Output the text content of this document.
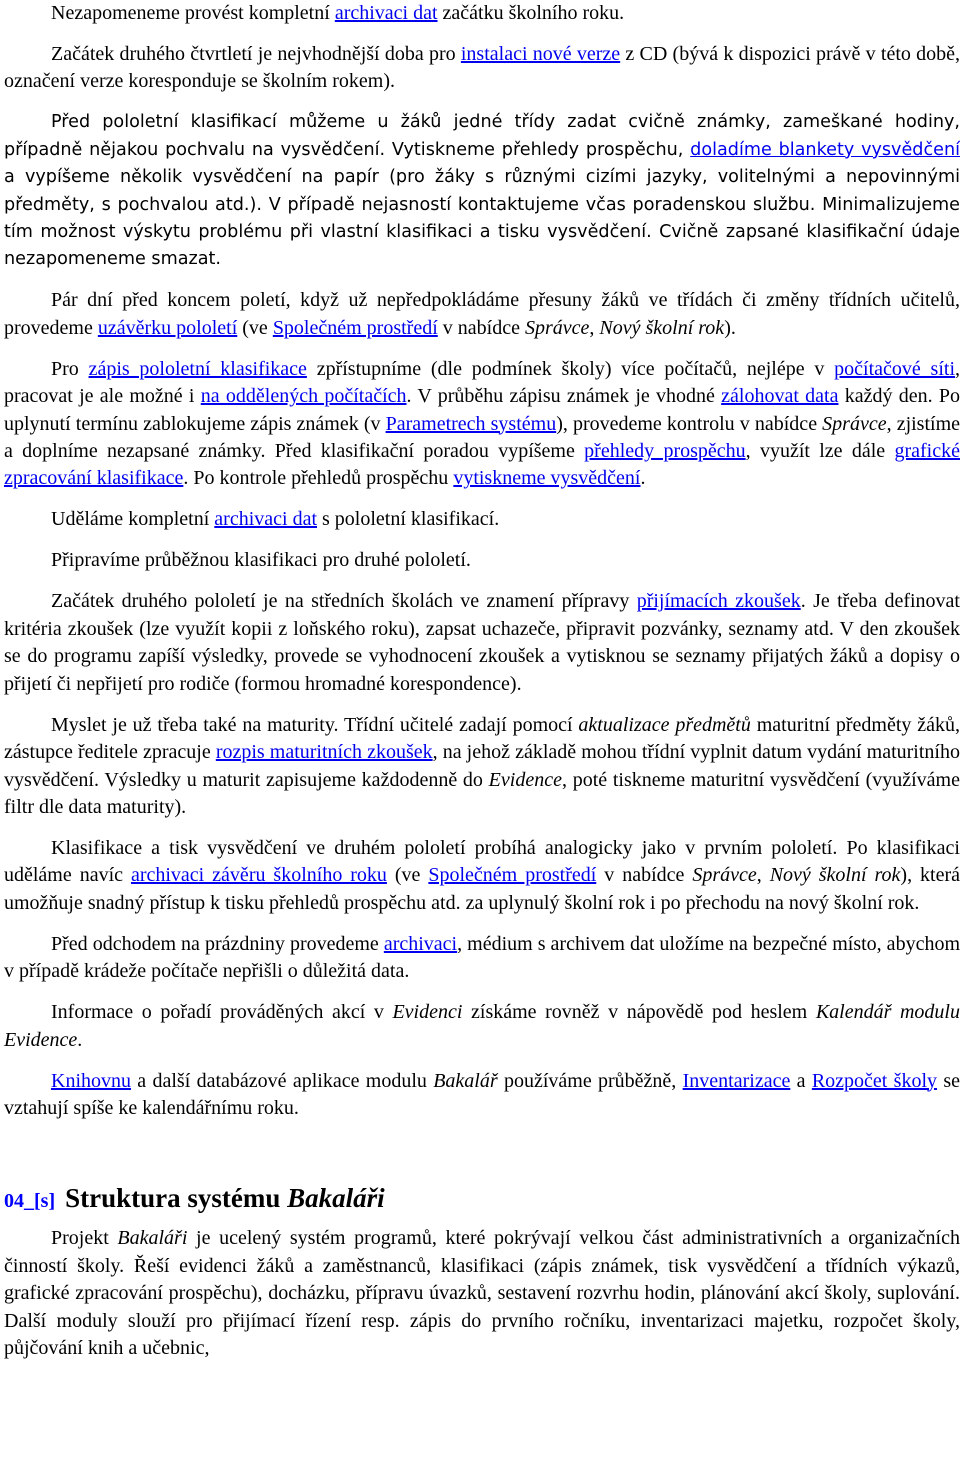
Nezapomeneme provést kompletní archivaci dat začátku školního roku.

Začátek druhého čtvrtletí je nejvhodnější doba pro instalaci nové verze z CD (bývá k dispozici právě v této době, označení verze koresponduje se školním rokem).

Před pololetní klasifikací můžeme u žáků jedné třídy zadat cvičně známky, zameškané hodiny, případně nějakou pochvalu na vysvědčení. Vytiskneme přehledy prospěchu, doladíme blankety vysvědčení a vypíšeme několik vysvědčení na papír (pro žáky s různými cizími jazyky, volitelnými a nepovinnými předměty, s pochvalou atd.). V případě nejasností kontaktujeme včas poradenskou službu. Minimalizujeme tím možnost výskytu problému při vlastní klasifikaci a tisku vysvědčení. Cvičně zapsané klasifikační údaje nezapomeneme smazat.

Pár dní před koncem poletí, když už nepředpokládáme přesuny žáků ve třídách či změny třídních učitelů, provedeme uzávěrku pololetí (ve Společném prostředí v nabídce Správce, Nový školní rok).

Pro zápis pololetní klasifikace zpřístupníme (dle podmínek školy) více počítačů, nejlépe v počítačové síti, pracovat je ale možné i na oddělených počítačích. V průběhu zápisu známek je vhodné zálohovat data každý den. Po uplynutí termínu zablokujeme zápis známek (v Parametrech systému), provedeme kontrolu v nabídce Správce, zjistíme a doplníme nezapsané známky. Před klasifikační poradou vypíšeme přehledy prospěchu, využít lze dále grafické zpracování klasifikace. Po kontrole přehledů prospěchu vytiskneme vysvědčení.

Uděláme kompletní archivaci dat s pololetní klasifikací.

Připravíme průběžnou klasifikaci pro druhé pololetí.

Začátek druhého pololetí je na středních školách ve znamení přípravy přijímacích zkoušek. Je třeba definovat kritéria zkoušek (lze využít kopii z loňského roku), zapsat uchazeče, připravit pozvánky, seznamy atd. V den zkoušek se do programu zapíší výsledky, provede se vyhodnocení zkoušek a vytisknou se seznamy přijatých žáků a dopisy o přijetí či nepřijetí pro rodiče (formou hromadné korespondence).

Myslet je už třeba také na maturity. Třídní učitelé zadají pomocí aktualizace předmětů maturitní předměty žáků, zástupce ředitele zpracuje rozpis maturitních zkoušek, na jehož základě mohou třídní vyplnit datum vydání maturitního vysvědčení. Výsledky u maturit zapisujeme každodenně do Evidence, poté tiskneme maturitní vysvědčení (využíváme filtr dle data maturity).

Klasifikace a tisk vysvědčení ve druhém pololetí probíhá analogicky jako v prvním pololetí. Po klasifikaci uděláme navíc archivaci závěru školního roku (ve Společném prostředí v nabídce Správce, Nový školní rok), která umožňuje snadný přístup k tisku přehledů prospěchu atd. za uplynulý školní rok i po přechodu na nový školní rok.

Před odchodem na prázdniny provedeme archivaci, médium s archivem dat uložíme na bezpečné místo, abychom v případě krádeže počítače nepřišli o důležitá data.

Informace o pořadí prováděných akcí v Evidenci získáme rovněž v nápovědě pod heslem Kalendář modulu Evidence.

Knihovnu a další databázové aplikace modulu Bakalář používáme průběžně, Inventarizace a Rozpočet školy se vztahují spíše ke kalendářnímu roku.

04_[s] Struktura systému Bakaláři

Projekt Bakaláři je ucelený systém programů, které pokrývají velkou část administrativních a organizačních činností školy. Řeší evidenci žáků a zaměstnanců, klasifikaci (zápis známek, tisk vysvědčení a třídních výkazů, grafické zpracování prospěchu), docházku, přípravu úvazků, sestavení rozvrhu hodin, plánování akcí školy, suplování. Další moduly slouží pro přijímací řízení resp. zápis do prvního ročníku, inventarizaci majetku, rozpočet školy, půjčování knih a učebnic,
